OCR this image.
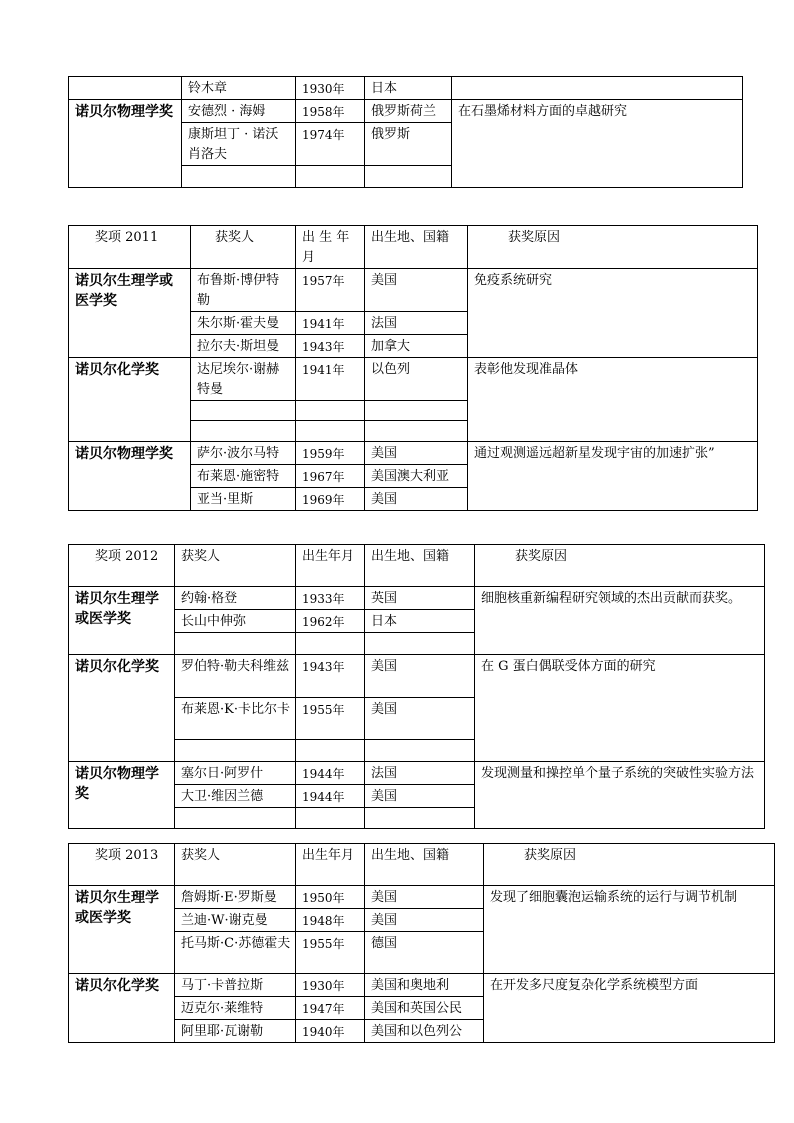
	铃木章	1930年	日本	
诺贝尔物理学奖	安德烈 · 海姆	1958年	俄罗斯荷兰	在石墨烯材料方面的卓越研究
	康斯坦丁 · 诺沃肖洛夫	1974年	俄罗斯	

奖项 2011	获奖人	出 生 年月	出生地、国籍	获奖原因
诺贝尔生理学或医学奖	布鲁斯·博伊特勒	1957年	美国	免疫系统研究
	朱尔斯·霍夫曼	1941年	法国	
	拉尔夫·斯坦曼	1943年	加拿大	
诺贝尔化学奖	达尼埃尔·谢赫特曼	1941年	以色列	表彰他发现准晶体

诺贝尔物理学奖	萨尔·波尔马特	1959年	美国	通过观测遥远超新星发现宇宙的加速扩张”
	布莱恩·施密特	1967年	美国澳大利亚	
	亚当·里斯	1969年	美国	
奖项 2012	获奖人	出生年月	出生地、国籍	获奖原因
诺贝尔生理学或医学奖	约翰·格登	1933年	英国	细胞核重新编程研究领域的杰出贡献而获奖。
	长山中伸弥	1962年	日本	

诺贝尔化学奖	罗伯特·勒夫科维兹	1943年	美国	在 G 蛋白偶联受体方面的研究
	布莱恩·K·卡比尔卡	1955年	美国	

诺贝尔物理学奖	塞尔日·阿罗什	1944年	法国	发现测量和操控单个量子系统的突破性实验方法
	大卫·维因兰德	1944年	美国	

奖项 2013	获奖人	出生年月	出生地、国籍	获奖原因
诺贝尔生理学或医学奖	詹姆斯·E·罗斯曼	1950年	美国	发现了细胞囊泡运输系统的运行与调节机制
	兰迪·W·谢克曼	1948年	美国	
	托马斯·C·苏德霍夫	1955年	德国	
诺贝尔化学奖	马丁·卡普拉斯	1930年	美国和奥地利	在开发多尺度复杂化学系统模型方面
	迈克尔·莱维特	1947年	美国和英国公民	
	阿里耶·瓦谢勒	1940年	美国和以色列公	
